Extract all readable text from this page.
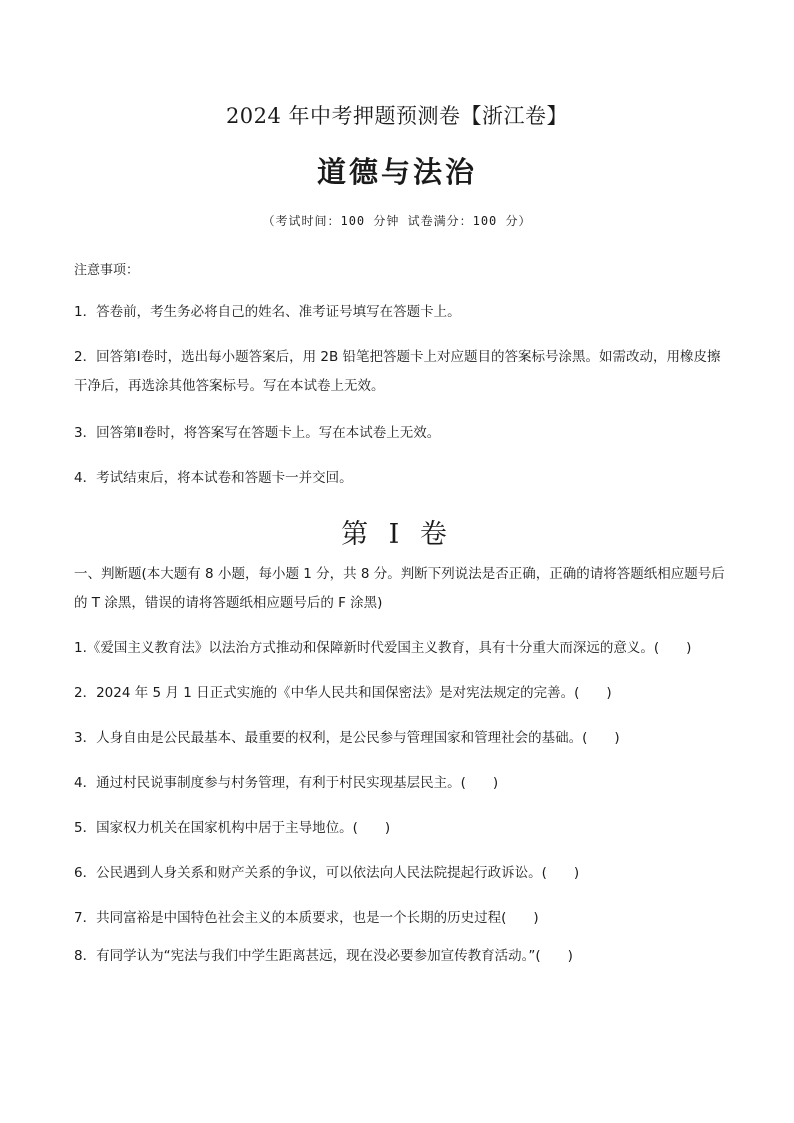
2024 年中考押题预测卷【浙江卷】
道德与法治
（考试时间：100 分钟 试卷满分：100 分）
注意事项：
1．答卷前，考生务必将自己的姓名、准考证号填写在答题卡上。
2．回答第Ⅰ卷时，选出每小题答案后，用 2B 铅笔把答题卡上对应题目的答案标号涂黑。如需改动，用橡皮擦干净后，再选涂其他答案标号。写在本试卷上无效。
3．回答第Ⅱ卷时，将答案写在答题卡上。写在本试卷上无效。
4．考试结束后，将本试卷和答题卡一并交回。
第 I 卷
一、判断题(本大题有 8 小题，每小题 1 分，共 8 分。判断下列说法是否正确，正确的请将答题纸相应题号后的 T 涂黑，错误的请将答题纸相应题号后的 F 涂黑)
1.《爱国主义教育法》以法治方式推动和保障新时代爱国主义教育，具有十分重大而深远的意义。(　　)
2．2024 年 5 月 1 日正式实施的《中华人民共和国保密法》是对宪法规定的完善。(　　)
3．人身自由是公民最基本、最重要的权利，是公民参与管理国家和管理社会的基础。(　　)
4．通过村民说事制度参与村务管理，有利于村民实现基层民主。(　　)
5．国家权力机关在国家机构中居于主导地位。(　　)
6．公民遇到人身关系和财产关系的争议，可以依法向人民法院提起行政诉讼。(　　)
7．共同富裕是中国特色社会主义的本质要求，也是一个长期的历史过程(　　)
8．有同学认为“宪法与我们中学生距离甚远，现在没必要参加宣传教育活动。”(　　)
